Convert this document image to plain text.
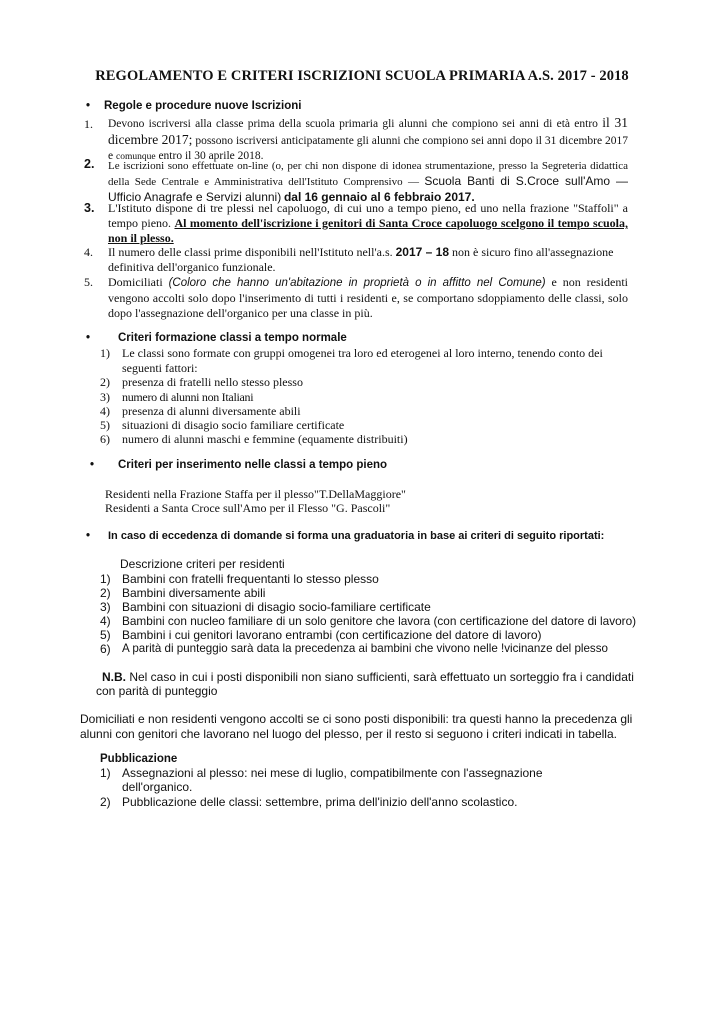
REGOLAMENTO E CRITERI ISCRIZIONI SCUOLA PRIMARIA A.S. 2017 - 2018
• Regole e procedure nuove Iscrizioni
1. Devono iscriversi alla classe prima della scuola primaria gli alunni che compiono sei anni di età entro il 31 dicembre 2017; possono iscriversi anticipatamente gli alunni che compiono sei anni dopo il 31 dicembre 2017 e comunque entro il 30 aprile 2018.
2. Le iscrizioni sono effettuate on-line (o, per chi non dispone di idonea strumentazione, presso la Segreteria didattica della Sede Centrale e Amministrativa dell'Istituto Comprensivo — Scuola Banti di S.Croce sull'Amo — Ufficio Anagrafe e Servizi alunni) dal 16 gennaio al 6 febbraio 2017.
3. L'Istituto dispone di tre plessi nel capoluogo, di cui uno a tempo pieno, ed uno nella frazione "Staffoli" a tempo pieno. Al momento dell'iscrizione i genitori di Santa Croce capoluogo scelgono il tempo scuola, non il plesso.
4. Il numero delle classi prime disponibili nell'Istituto nell'a.s. 2017 – 18 non è sicuro fino all'assegnazione definitiva dell'organico funzionale.
5. Domiciliati (Coloro che hanno un'abitazione in proprietà o in affitto nel Comune) e non residenti vengono accolti solo dopo l'inserimento di tutti i residenti e, se comportano sdoppiamento delle classi, solo dopo l'assegnazione dell'organico per una classe in più.
• Criteri formazione classi a tempo normale
1) Le classi sono formate con gruppi omogenei tra loro ed eterogenei al loro interno, tenendo conto dei
seguenti fattori:
2) presenza di fratelli nello stesso plesso
3) numero di alunni non Italiani
4) presenza di alunni diversamente abili
5) situazioni di disagio socio familiare certificate
6) numero di alunni maschi e femmine (equamente distribuiti)
• Criteri per inserimento nelle classi a tempo pieno
Residenti nella Frazione Staffa per il plesso"T.DellaMaggiore"
Residenti a Santa Croce sull'Amo per il Flesso "G. Pascoli"
• In caso di eccedenza di domande si forma una graduatoria in base ai criteri di seguito riportati:
Descrizione criteri per residenti
1) Bambini con fratelli frequentanti lo stesso plesso
2) Bambini diversamente abili
3) Bambini con situazioni di disagio socio-familiare certificate
4) Bambini con nucleo familiare di un solo genitore che lavora (con certificazione del datore di lavoro)
5) Bambini i cui genitori lavorano entrambi (con certificazione del datore di lavoro)
6) A parità di punteggio sarà data la precedenza ai bambini che vivono nelle !vicinanze del plesso
N.B. Nel caso in cui i posti disponibili non siano sufficienti, sarà effettuato un sorteggio fra i candidati
con parità di punteggio
Domiciliati e non residenti vengono accolti se ci sono posti disponibili: tra questi hanno la precedenza gli
alunni con genitori che lavorano nel luogo del plesso, per il resto si seguono i criteri indicati in tabella.
Pubblicazione
1) Assegnazioni al plesso: nei mese di luglio, compatibilmente con l'assegnazione
dell'organico.
2) Pubblicazione delle classi: settembre, prima dell'inizio dell'anno scolastico.
